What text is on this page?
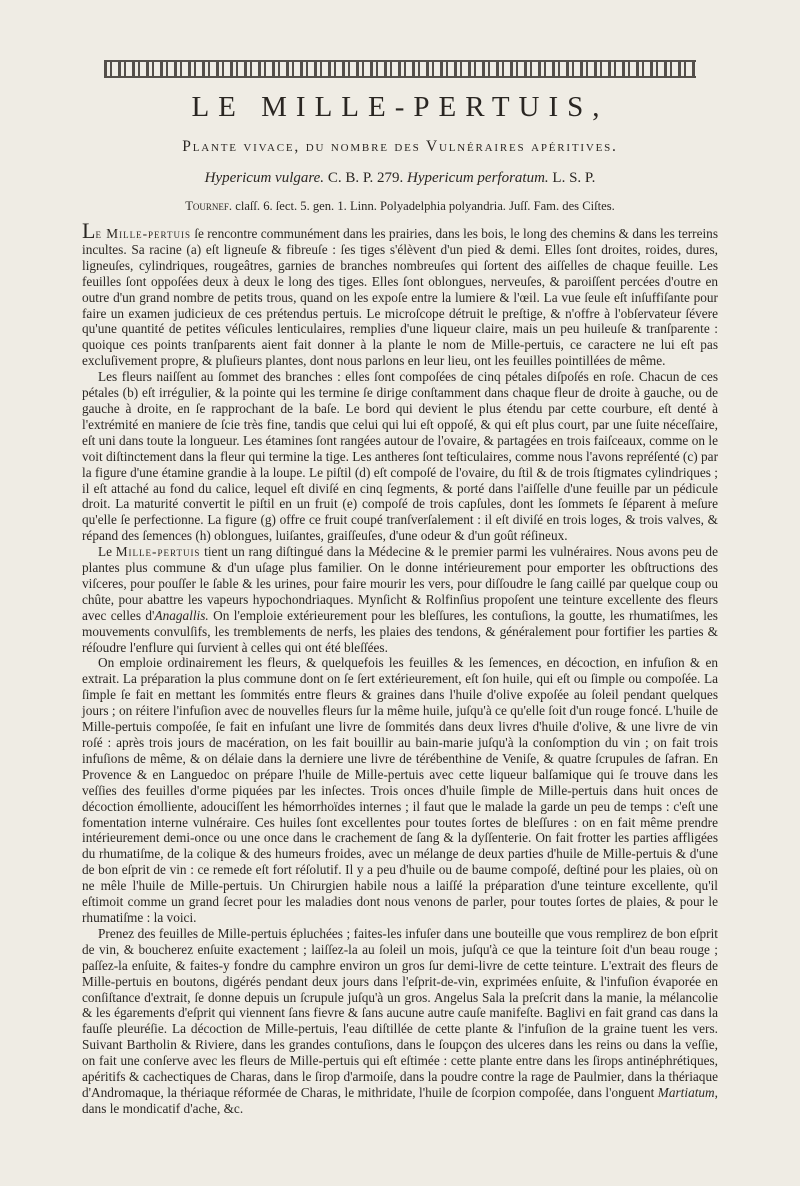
LE MILLE-PERTUIS,
Plante vivace, du nombre des Vulnéraires apéritives.
Hypericum vulgare. C. B. P. 279. Hypericum perforatum. L. S. P.
Tournef. claſſ. 6. ſect. 5. gen. 1. Linn. Polyadelphia polyandria. Juſſ. Fam. des Ciſtes.

Le Mille-pertuis ſe rencontre communément dans les prairies, dans les bois, le long des chemins & dans les terreins incultes. Sa racine (a) eſt ligneuſe & fibreuſe : ſes tiges s'élèvent d'un pied & demi. Elles ſont droites, roides, dures, ligneuſes, cylindriques, rougeâtres, garnies de branches nombreuſes qui ſortent des aiſſelles de chaque feuille. Les feuilles ſont oppoſées deux à deux le long des tiges. Elles ſont oblongues, nerveuſes, & paroiſſent percées d'outre en outre d'un grand nombre de petits trous, quand on les expoſe entre la lumiere & l'œil. La vue ſeule eſt inſuffiſante pour faire un examen judicieux de ces prétendus pertuis. Le microſcope détruit le preſtige, & n'offre à l'obſervateur ſévere qu'une quantité de petites véſicules lenticulaires, remplies d'une liqueur claire, mais un peu huileuſe & tranſparente : quoique ces points tranſparents aient fait donner à la plante le nom de Mille-pertuis, ce caractere ne lui eſt pas excluſivement propre, & pluſieurs plantes, dont nous parlons en leur lieu, ont les feuilles pointillées de même.

Les fleurs naiſſent au ſommet des branches : elles ſont compoſées de cinq pétales diſpoſés en roſe. Chacun de ces pétales (b) eſt irrégulier, & la pointe qui les termine ſe dirige conſtamment dans chaque fleur de droite à gauche, ou de gauche à droite, en ſe rapprochant de la baſe. Le bord qui devient le plus étendu par cette courbure, eſt denté à l'extrémité en maniere de ſcie très fine, tandis que celui qui lui eſt oppoſé, & qui eſt plus court, par une ſuite néceſſaire, eſt uni dans toute la longueur. Les étamines ſont rangées autour de l'ovaire, & partagées en trois faiſceaux, comme on le voit diſtinctement dans la fleur qui termine la tige. Les antheres ſont teſticulaires, comme nous l'avons repréſenté (c) par la figure d'une étamine grandie à la loupe. Le piſtil (d) eſt compoſé de l'ovaire, du ſtil & de trois ſtigmates cylindriques ; il eſt attaché au fond du calice, lequel eſt diviſé en cinq ſegments, & porté dans l'aiſſelle d'une feuille par un pédicule droit. La maturité convertit le piſtil en un fruit (e) compoſé de trois capſules, dont les ſommets ſe ſéparent à meſure qu'elle ſe perfectionne. La figure (g) offre ce fruit coupé tranſverſalement : il eſt diviſé en trois loges, & trois valves, & répand des ſemences (h) oblongues, luiſantes, graiſſeuſes, d'une odeur & d'un goût réſineux.

Le Mille-pertuis tient un rang diſtingué dans la Médecine & le premier parmi les vulnéraires. Nous avons peu de plantes plus commune & d'un uſage plus familier. On le donne intérieurement pour emporter les obſtructions des viſceres, pour pouſſer le ſable & les urines, pour faire mourir les vers, pour diſſoudre le ſang caillé par quelque coup ou chûte, pour abattre les vapeurs hypochondriaques. Mynſicht & Rolfinſius propoſent une teinture excellente des fleurs avec celles d'Anagallis. On l'emploie extérieurement pour les bleſſures, les contuſions, la goutte, les rhumatiſmes, les mouvements convulſifs, les tremblements de nerfs, les plaies des tendons, & généralement pour fortifier les parties & réſoudre l'enflure qui ſurvient à celles qui ont été bleſſées.

On emploie ordinairement les fleurs, & quelquefois les feuilles & les ſemences, en décoction, en infuſion & en extrait. La préparation la plus commune dont on ſe ſert extérieurement, eſt ſon huile, qui eſt ou ſimple ou compoſée. La ſimple ſe fait en mettant les ſommités entre fleurs & graines dans l'huile d'olive expoſée au ſoleil pendant quelques jours ; on réitere l'infuſion avec de nouvelles fleurs ſur la même huile, juſqu'à ce qu'elle ſoit d'un rouge foncé. L'huile de Mille-pertuis compoſée, ſe fait en infuſant une livre de ſommités dans deux livres d'huile d'olive, & une livre de vin roſé : après trois jours de macération, on les fait bouillir au bain-marie juſqu'à la conſomption du vin ; on fait trois infuſions de même, & on délaie dans la derniere une livre de térébenthine de Veniſe, & quatre ſcrupules de ſafran. En Provence & en Languedoc on prépare l'huile de Mille-pertuis avec cette liqueur balſamique qui ſe trouve dans les veſſies des feuilles d'orme piquées par les inſectes. Trois onces d'huile ſimple de Mille-pertuis dans huit onces de décoction émolliente, adouciſſent les hémorrhoïdes internes ; il faut que le malade la garde un peu de temps : c'eſt une fomentation interne vulnéraire. Ces huiles ſont excellentes pour toutes ſortes de bleſſures : on en fait même prendre intérieurement demi-once ou une once dans le crachement de ſang & la dyſſenterie. On fait frotter les parties affligées du rhumatiſme, de la colique & des humeurs froides, avec un mélange de deux parties d'huile de Mille-pertuis & d'une de bon eſprit de vin : ce remede eſt fort réſolutif. Il y a peu d'huile ou de baume compoſé, deſtiné pour les plaies, où on ne mêle l'huile de Mille-pertuis. Un Chirurgien habile nous a laiſſé la préparation d'une teinture excellente, qu'il eſtimoit comme un grand ſecret pour les maladies dont nous venons de parler, pour toutes ſortes de plaies, & pour le rhumatiſme : la voici.

Prenez des feuilles de Mille-pertuis épluchées ; faites-les infuſer dans une bouteille que vous remplirez de bon eſprit de vin, & boucherez enſuite exactement ; laiſſez-la au ſoleil un mois, juſqu'à ce que la teinture ſoit d'un beau rouge ; paſſez-la enſuite, & faites-y fondre du camphre environ un gros ſur demi-livre de cette teinture. L'extrait des fleurs de Mille-pertuis en boutons, digérés pendant deux jours dans l'eſprit-de-vin, exprimées enſuite, & l'infuſion évaporée en conſiſtance d'extrait, ſe donne depuis un ſcrupule juſqu'à un gros. Angelus Sala la preſcrit dans la manie, la mélancolie & les égarements d'eſprit qui viennent ſans fievre & ſans aucune autre cauſe manifeſte. Baglivi en fait grand cas dans la fauſſe pleuréſie. La décoction de Mille-pertuis, l'eau diſtillée de cette plante & l'infuſion de la graine tuent les vers. Suivant Bartholin & Riviere, dans les grandes contuſions, dans le ſoupçon des ulceres dans les reins ou dans la veſſie, on fait une conſerve avec les fleurs de Mille-pertuis qui eſt eſtimée : cette plante entre dans les ſirops antinéphrétiques, apéritifs & cachectiques de Charas, dans le ſirop d'armoiſe, dans la poudre contre la rage de Paulmier, dans la thériaque d'Andromaque, la thériaque réformée de Charas, le mithridate, l'huile de ſcorpion compoſée, dans l'onguent Martiatum, dans le mondicatif d'ache, &c.
